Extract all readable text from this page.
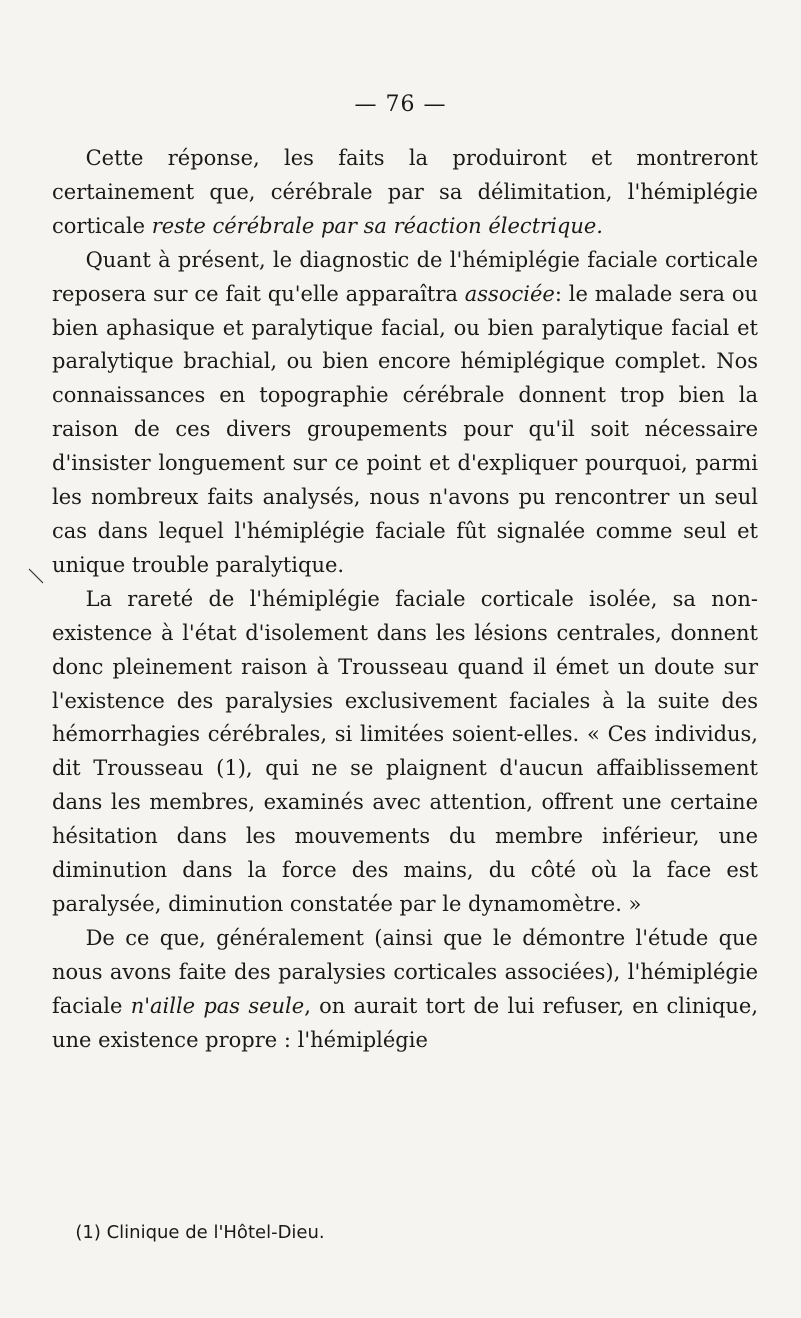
— 76 —

Cette réponse, les faits la produiront et montreront certainement que, cérébrale par sa délimitation, l'hémiplégie corticale reste cérébrale par sa réaction électrique.

Quant à présent, le diagnostic de l'hémiplégie faciale corticale reposera sur ce fait qu'elle apparaîtra associée: le malade sera ou bien aphasique et paralytique facial, ou bien paralytique facial et paralytique brachial, ou bien encore hémiplégique complet. Nos connaissances en topographie cérébrale donnent trop bien la raison de ces divers groupements pour qu'il soit nécessaire d'insister longuement sur ce point et d'expliquer pourquoi, parmi les nombreux faits analysés, nous n'avons pu rencontrer un seul cas dans lequel l'hémiplégie faciale fût signalée comme seul et unique trouble paralytique.

La rareté de l'hémiplégie faciale corticale isolée, sa non-existence à l'état d'isolement dans les lésions centrales, donnent donc pleinement raison à Trousseau quand il émet un doute sur l'existence des paralysies exclusivement faciales à la suite des hémorrhagies cérébrales, si limitées soient-elles. « Ces individus, dit Trousseau (1), qui ne se plaignent d'aucun affaiblissement dans les membres, examinés avec attention, offrent une certaine hésitation dans les mouvements du membre inférieur, une diminution dans la force des mains, du côté où la face est paralysée, diminution constatée par le dynamomètre. »

De ce que, généralement (ainsi que le démontre l'étude que nous avons faite des paralysies corticales associées), l'hémiplégie faciale n'aille pas seule, on aurait tort de lui refuser, en clinique, une existence propre : l'hémiplégie

(1) Clinique de l'Hôtel-Dieu.
